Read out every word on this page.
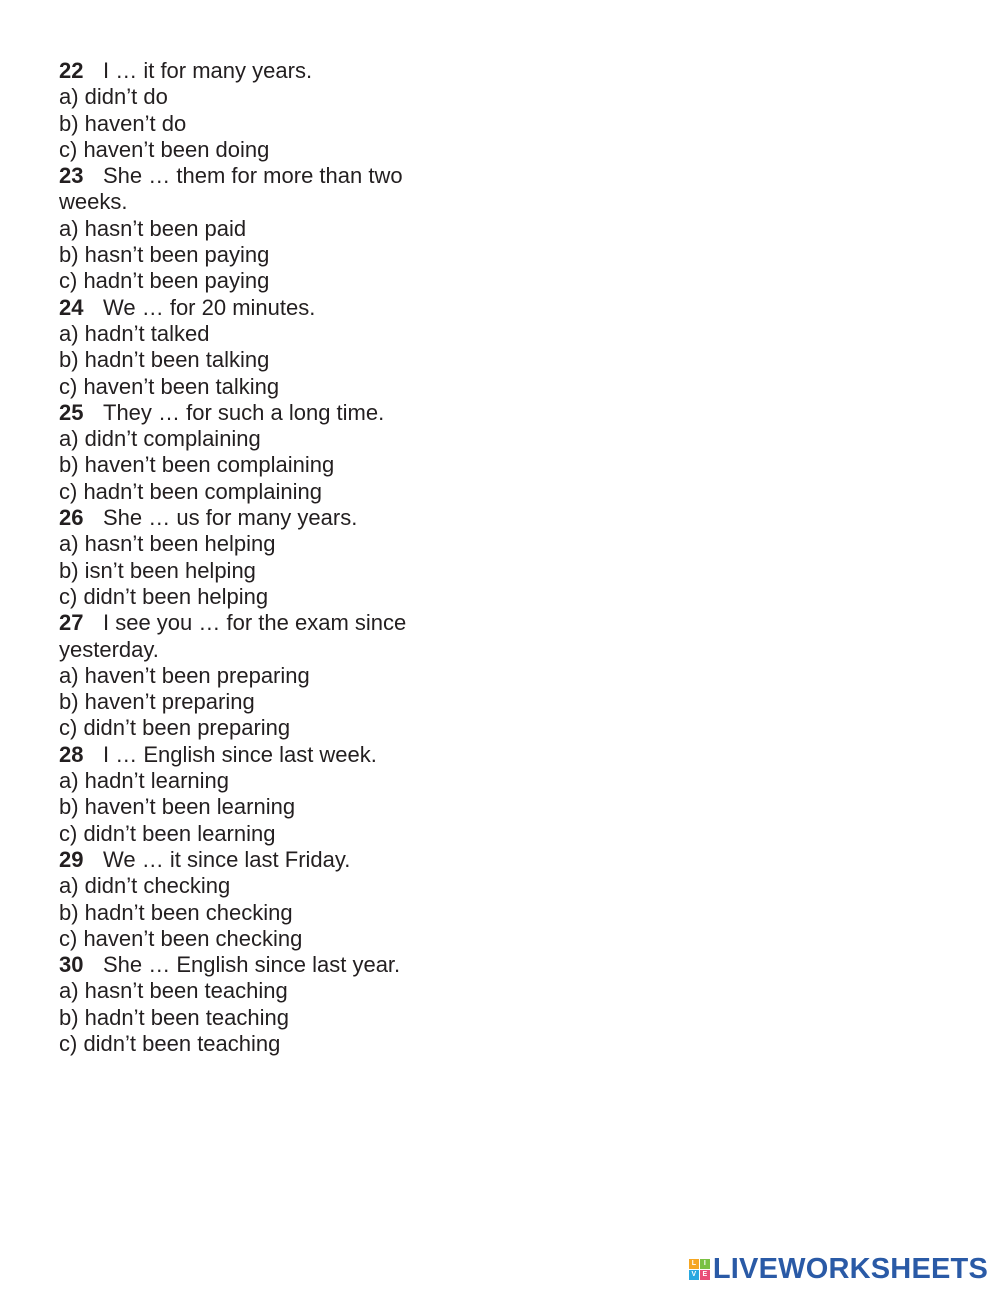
22 I … it for many years.
a) didn’t do
b) haven’t do
c) haven’t been doing
23 She … them for more than two
weeks.
a) hasn’t been paid
b) hasn’t been paying
c) hadn’t been paying
24 We … for 20 minutes.
a) hadn’t talked
b) hadn’t been talking
c) haven’t been talking
25 They … for such a long time.
a) didn’t complaining
b) haven’t been complaining
c) hadn’t been complaining
26 She … us for many years.
a) hasn’t been helping
b) isn’t been helping
c) didn’t been helping
27 I see you … for the exam since
yesterday.
a) haven’t been preparing
b) haven’t preparing
c) didn’t been preparing
28 I … English since last week.
a) hadn’t learning
b) haven’t been learning
c) didn’t been learning
29 We … it since last Friday.
a) didn’t checking
b) hadn’t been checking
c) haven’t been checking
30 She … English since last year.
a) hasn’t been teaching
b) hadn’t been teaching
c) didn’t been teaching
L	I
V E LIVEWORKSHEETS
